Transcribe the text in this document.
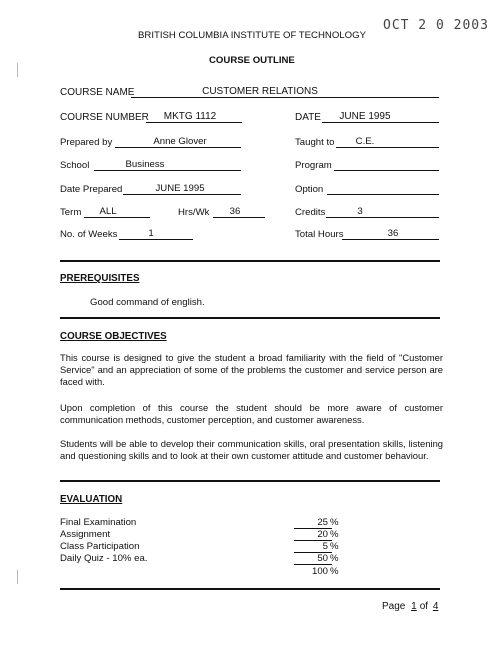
OCT 2 0 2003
BRITISH COLUMBIA INSTITUTE OF TECHNOLOGY
COURSE OUTLINE
COURSE NAME	CUSTOMER RELATIONS
COURSE NUMBER	MKTG 1112	DATE	JUNE 1995
Prepared by	Anne Glover	Taught to	C.E.
School	Business	Program
Date Prepared	JUNE 1995	Option
Term	ALL	Hrs/Wk	36	Credits	3
No. of Weeks	1	Total Hours	36
PREREQUISITES
Good command of english.
COURSE OBJECTIVES

This course is designed to give the student a broad familiarity with the field of "Customer Service" and an appreciation of some of the problems the customer and service person are faced with.

Upon completion of this course the student should be more aware of customer communication methods, customer perception, and customer awareness.

Students will be able to develop their communication skills, oral presentation skills, listening and questioning skills and to look at their own customer attitude and customer behaviour.

EVALUATION
Final Examination	25 %
Assignment	20 %
Class Participation	5 %
Daily Quiz - 10% ea.	50 %
100 %
Page 1 of 4
